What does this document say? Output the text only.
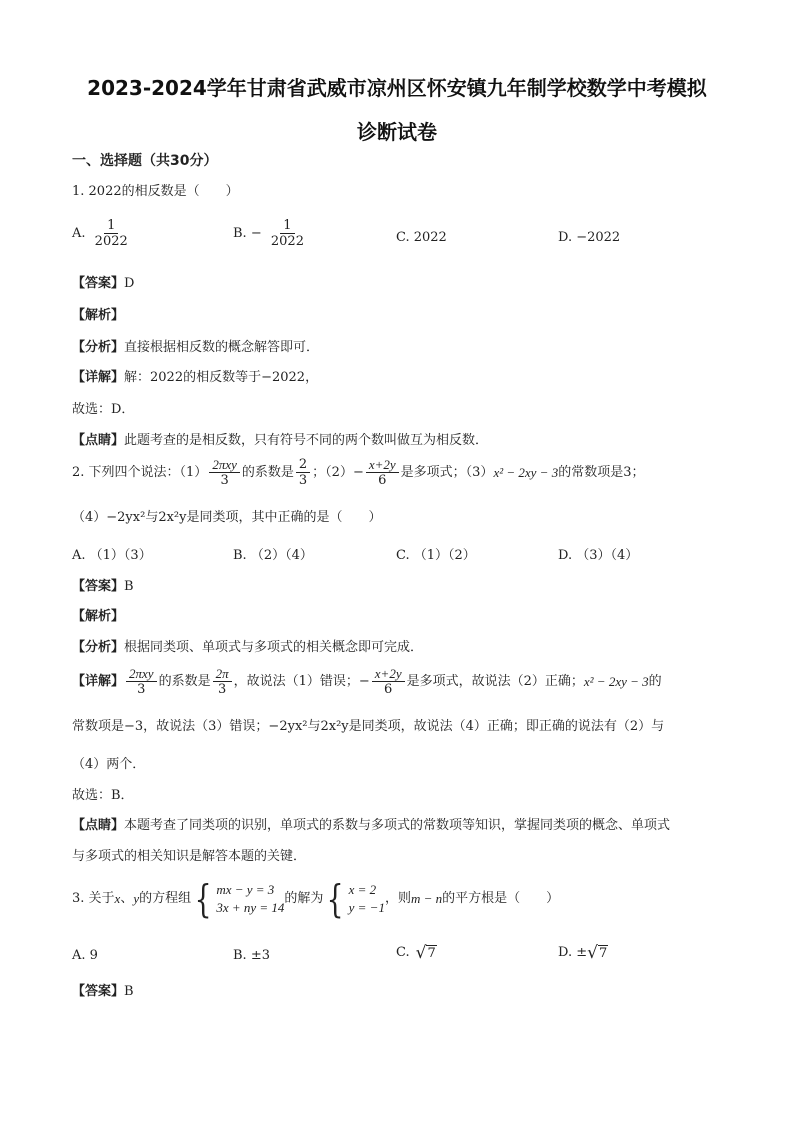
2023-2024学年甘肃省武威市凉州区怀安镇九年制学校数学中考模拟
诊断试卷
一、选择题（共30分）
1. 2022的相反数是（　　）
A. $\frac{1}{2022}$	B. − $\frac{1}{2022}$	C. 2022	D. −2022
【答案】D
【解析】
【分析】直接根据相反数的概念解答即可．
【详解】解：2022的相反数等于−2022，
故选：D．
【点睛】此题考查的是相反数，只有符号不同的两个数叫做互为相反数．
2. 下列四个说法：$(1) \frac{\text{2πxy}}{3}$ 的系数是 $\frac{2}{3}$ ；$(2)- \frac{x+2y}{6}$ 是多项式；（3） x² − 2xy − 3 的常数项是3；
（4）−2yx²与2x²y是同类项，其中正确的是（　　）
A. （1）（3）	B. （2）（4）	C. （1）（2）	D. （3）（4）
【答案】B
【解析】
【分析】根据同类项、单项式与多项式的相关概念即可完成．
【详解】 $\frac{\text{2πxy}}{3}$ 的系数是 $\frac{2\pi}{3}$ ，故说法（1）错误；− $\frac{x+2y}{6}$ 是多项式，故说法（2）正确； x² − 2xy − 3 的
常数项是−3，故说法（3）错误；−2yx²与2x²y是同类项，故说法（4）正确；即正确的说法有（2）与
（4）两个．
故选：B．
【点睛】本题考查了同类项的识别，单项式的系数与多项式的常数项等知识，掌握同类项的概念、单项式
与多项式的相关知识是解答本题的关键．
3. 关于 x 、 y 的方程组 { mx − y = 3
3x + ny = 14
的解为 { x = 2
y = −1
，则 m − n 的平方根是（　　）
A. 9	B. ±3	C. √ 7	D. ± √ 7
【答案】B
